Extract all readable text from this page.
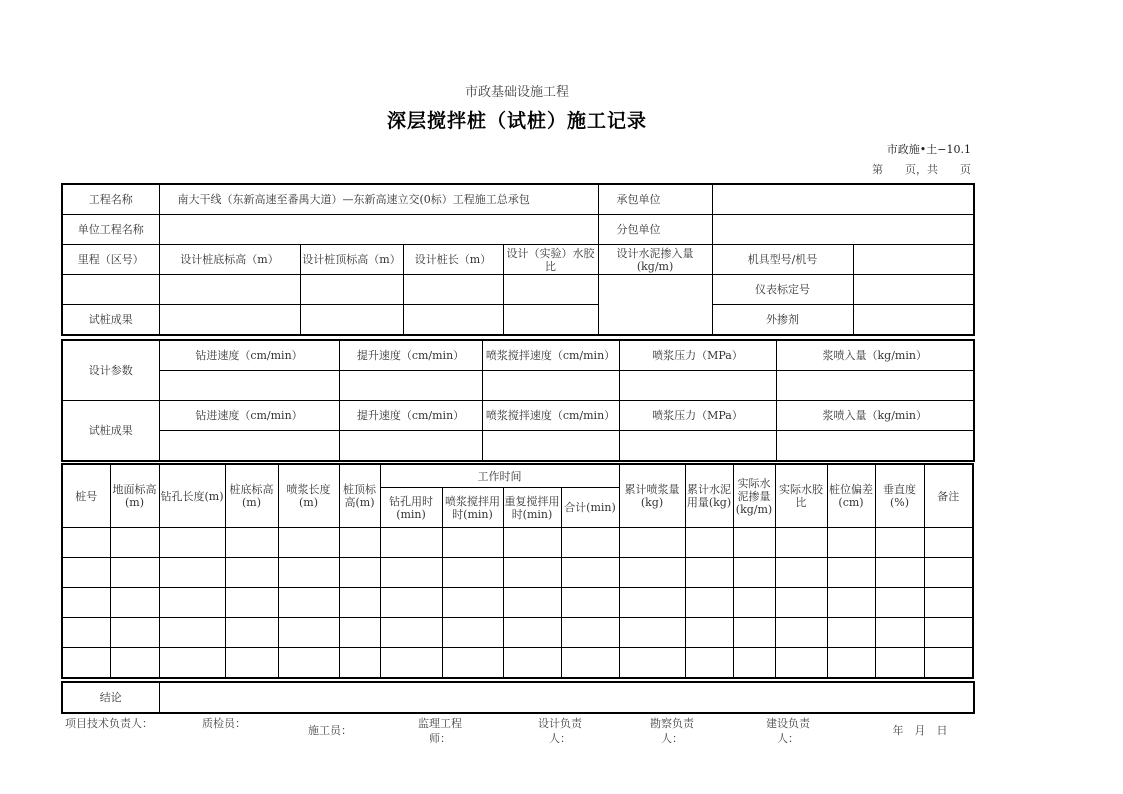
市政基础设施工程
深层搅拌桩（试桩）施工记录
市政施•土−10.1
第　　页，共　　页
工程名称	南大干线（东新高速至番禺大道）—东新高速立交(0标）工程施工总承包				承包单位		
单位工程名称					分包单位		
里程（区号）	设计桩底标高（m）	设计桩顶标高（m）	设计桩长（m）	设计（实验）水胶比	设计水泥掺入量(kg/m)	机具型号/机号	
						仪表标定号	
试桩成果						外掺剂	
设计参数	钻进速度（cm/min）	提升速度（cm/min）	喷浆搅拌速度（cm/min）	喷浆压力（MPa）	浆喷入量（kg/min）

试桩成果	钻进速度（cm/min）	提升速度（cm/min）	喷浆搅拌速度（cm/min）	喷浆压力（MPa）	浆喷入量（kg/min）

桩号	地面标高(m)	钻孔长度(m)	桩底标高(m)	喷浆长度(m)	桩顶标高(m)	工作时间				累计喷浆量(kg)	累计水泥用量(kg)	实际水泥掺量(kg/m)	实际水胶比	桩位偏差(cm)	垂直度(%)	备注
						钻孔用时(min)	喷浆搅拌用时(min)	重复搅拌用时(min)	合计(min)							

结论	
项目技术负责人：	质检员：
施工员：
监理工程师：
设计负责人：
勘察负责人：
建设负责人：
年　月　日
